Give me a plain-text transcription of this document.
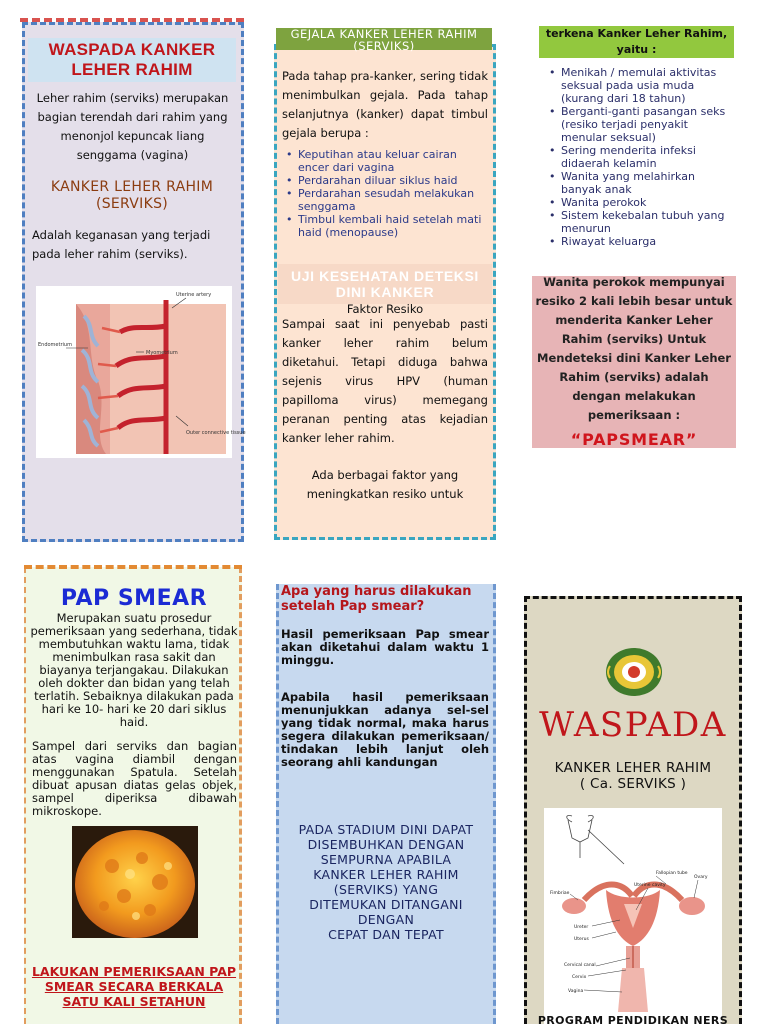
WASPADA KANKER LEHER RAHIM
Leher rahim (serviks) merupakan bagian terendah dari rahim yang menonjol kepuncak liang senggama (vagina)
KANKER LEHER RAHIM (SERVIKS)
Adalah keganasan yang terjadi pada leher rahim (serviks).
Uterine artery
Endometrium
Myometrium
Outer connective tissue
GEJALA KANKER LEHER RAHIM (SERVIKS)
Pada tahap pra-kanker, sering tidak menimbulkan gejala. Pada tahap selanjutnya (kanker) dapat timbul gejala berupa :
• Keputihan atau keluar cairan encer dari vagina
• Perdarahan diluar siklus haid
• Perdarahan sesudah melakukan senggama
• Timbul kembali haid setelah mati haid (menopause)
UJI KESEHATAN DETEKSI DINI KANKER
Faktor Resiko
Sampai saat ini penyebab pasti kanker leher rahim belum diketahui. Tetapi diduga bahwa sejenis virus HPV (human papilloma virus) memegang peranan penting atas kejadian kanker leher rahim.
Ada berbagai faktor yang meningkatkan resiko untuk
terkena Kanker Leher Rahim, yaitu :
• Menikah / memulai aktivitas seksual pada usia muda (kurang dari 18 tahun)
• Berganti-ganti pasangan seks (resiko terjadi penyakit menular seksual)
• Sering menderita infeksi didaerah kelamin
• Wanita yang melahirkan banyak anak
• Wanita perokok
• Sistem kekebalan tubuh yang menurun
• Riwayat keluarga
Wanita perokok mempunyai resiko 2 kali lebih besar untuk menderita Kanker Leher Rahim (serviks) Untuk Mendeteksi dini Kanker Leher Rahim (serviks) adalah dengan melakukan pemeriksaan :
“PAPSMEAR”
PAP SMEAR
Merupakan suatu prosedur pemeriksaan yang sederhana, tidak membutuhkan waktu lama, tidak menimbulkan rasa sakit dan biayanya terjangakau. Dilakukan oleh dokter dan bidan yang telah terlatih. Sebaiknya dilakukan pada hari ke 10- hari ke 20 dari siklus haid.
Sampel dari serviks dan bagian atas vagina diambil dengan menggunakan Spatula. Setelah dibuat apusan diatas gelas objek, sampel diperiksa dibawah mikroskope.
LAKUKAN PEMERIKSAAN PAP SMEAR SECARA BERKALA SATU KALI SETAHUN
Apa yang harus dilakukan setelah Pap smear?
Hasil pemeriksaan Pap smear akan diketahui dalam waktu 1 minggu.
Apabila hasil pemeriksaan menunjukkan adanya sel-sel yang tidak normal, maka harus segera dilakukan pemeriksaan/ tindakan lebih lanjut oleh seorang ahli kandungan
PADA STADIUM DINI DAPAT
DISEMBUHKAN DENGAN
SEMPURNA APABILA
KANKER LEHER RAHIM
(SERVIKS) YANG
DITEMUKAN DITANGANI
DENGAN
CEPAT DAN TEPAT
WASPADA
KANKER LEHER RAHIM
( Ca. SERVIKS )
Fallopian tube
Ovary
Uterine cavity
Fimbriae
Ureter
Uterus
Cervical canal
Cervix
Vagina
PROGRAM PENDIDIKAN NERS
